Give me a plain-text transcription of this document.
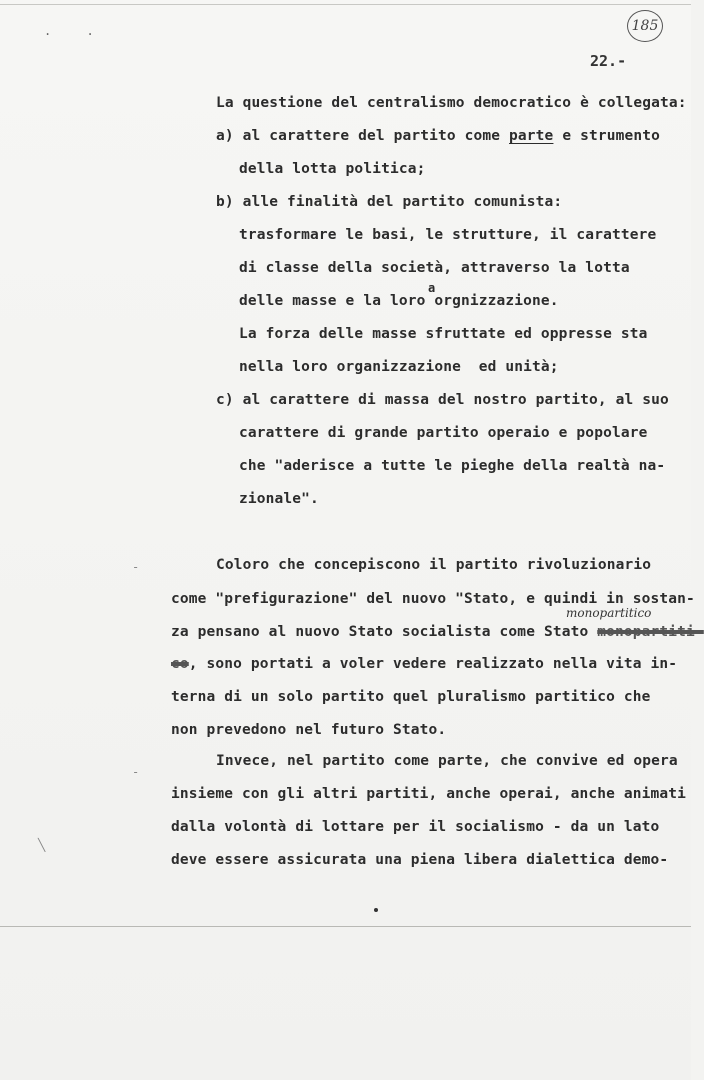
. .	185
22.-
La questione del centralismo democratico è collegata:
a) al carattere del partito come parte e strumento
della lotta politica;
b) alle finalità del partito comunista:
trasformare le basi, le strutture, il carattere
di classe della società, attraverso la lotta
a
delle masse e la loro orgnizzazione.
La forza delle masse sfruttate ed oppresse sta
nella loro organizzazione  ed unità;
c) al carattere di massa del nostro partito, al suo
carattere di grande partito operaio e popolare
che "aderisce a tutte le pieghe della realtà na-
zionale".
-	Coloro che concepiscono il partito rivoluzionario
come "prefigurazione" del nuovo "Stato, e quindi in sostan-
monopartitico
za pensano al nuovo Stato socialista come Stato monopartiti-
co, sono portati a voler vedere realizzato nella vita in-
terna di un solo partito quel pluralismo partitico che
non prevedono nel futuro Stato.
Invece, nel partito come parte, che convive ed opera
-
insieme con gli altri partiti, anche operai, anche animati
dalla volontà di lottare per il socialismo - da un lato
╲
deve essere assicurata una piena libera dialettica demo-
